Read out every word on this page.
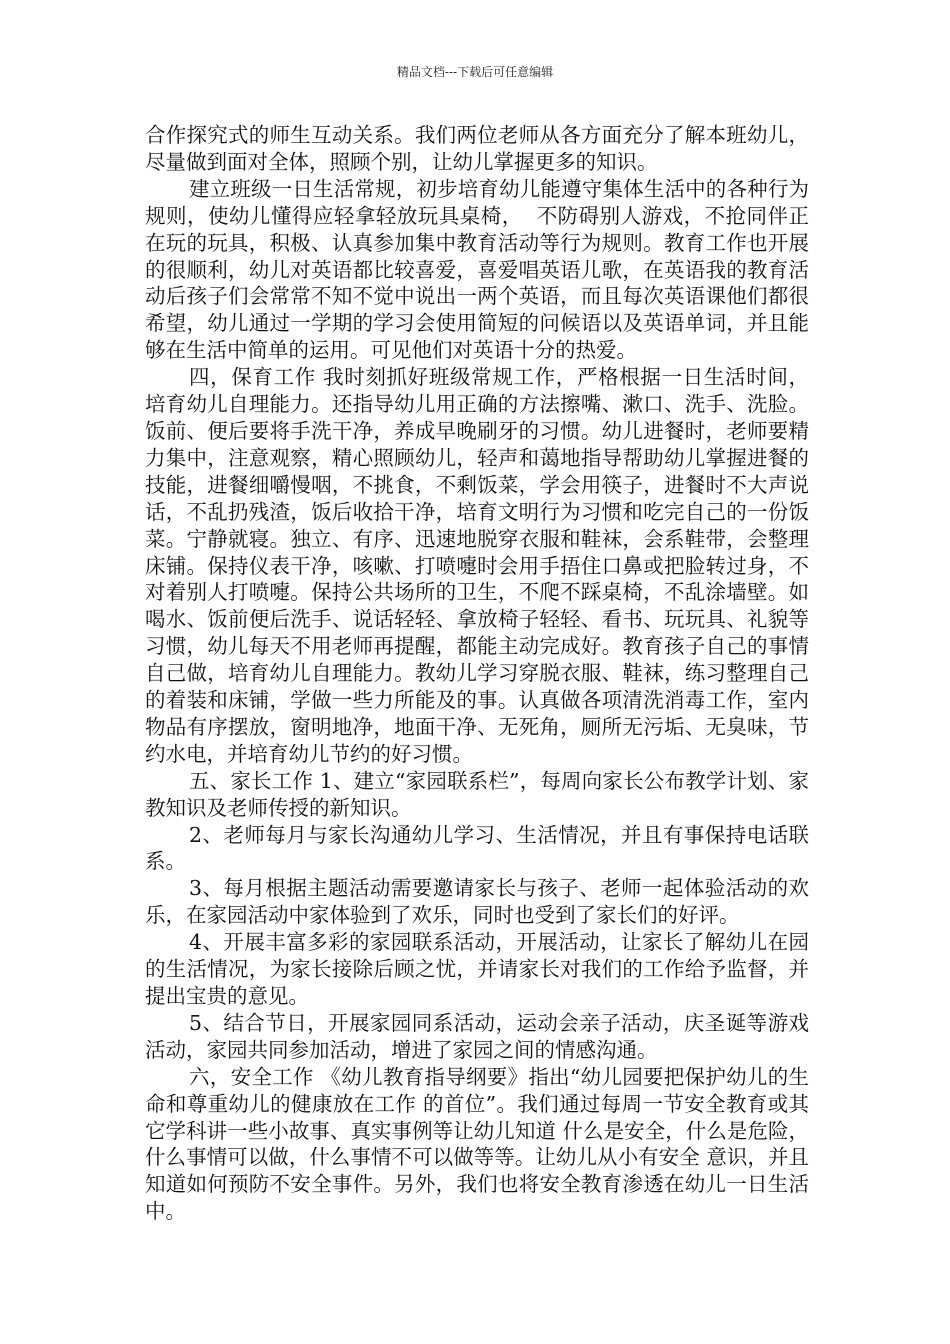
精品文档---下载后可任意编辑

合作探究式的师生互动关系。我们两位老师从各方面充分了解本班幼儿，尽量做到面对全体，照顾个别，让幼儿掌握更多的知识。

建立班级一日生活常规，初步培育幼儿能遵守集体生活中的各种行为规则，使幼儿懂得应轻拿轻放玩具桌椅，  不防碍别人游戏，不抢同伴正在玩的玩具，积极、认真参加集中教育活动等行为规则。教育工作也开展的很顺利，幼儿对英语都比较喜爱，喜爱唱英语儿歌，在英语我的教育活动后孩子们会常常不知不觉中说出一两个英语，而且每次英语课他们都很希望，幼儿通过一学期的学习会使用简短的问候语以及英语单词，并且能够在生活中简单的运用。可见他们对英语十分的热爱。

四，保育工作 我时刻抓好班级常规工作，严格根据一日生活时间，培育幼儿自理能力。还指导幼儿用正确的方法擦嘴、漱口、洗手、洗脸。饭前、便后要将手洗干净，养成早晚刷牙的习惯。幼儿进餐时，老师要精力集中，注意观察，精心照顾幼儿，轻声和蔼地指导帮助幼儿掌握进餐的技能，进餐细嚼慢咽，不挑食，不剩饭菜，学会用筷子，进餐时不大声说话，不乱扔残渣，饭后收拾干净，培育文明行为习惯和吃完自己的一份饭菜。宁静就寝。独立、有序、迅速地脱穿衣服和鞋袜，会系鞋带，会整理床铺。保持仪表干净，咳嗽、打喷嚏时会用手捂住口鼻或把脸转过身，不对着别人打喷嚏。保持公共场所的卫生，不爬不踩桌椅，不乱涂墙壁。如喝水、饭前便后洗手、说话轻轻、拿放椅子轻轻、看书、玩玩具、礼貌等习惯，幼儿每天不用老师再提醒，都能主动完成好。教育孩子自己的事情自己做，培育幼儿自理能力。教幼儿学习穿脱衣服、鞋袜，练习整理自己的着装和床铺，学做一些力所能及的事。认真做各项清洗消毒工作，室内物品有序摆放，窗明地净，地面干净、无死角，厕所无污垢、无臭味，节约水电，并培育幼儿节约的好习惯。

五、家长工作 1、建立“家园联系栏”，每周向家长公布教学计划、家教知识及老师传授的新知识。

2、老师每月与家长沟通幼儿学习、生活情况，并且有事保持电话联系。

3、每月根据主题活动需要邀请家长与孩子、老师一起体验活动的欢乐，在家园活动中家体验到了欢乐，同时也受到了家长们的好评。

4、开展丰富多彩的家园联系活动，开展活动，让家长了解幼儿在园的生活情况，为家长接除后顾之忧，并请家长对我们的工作给予监督，并提出宝贵的意见。

5、结合节日，开展家园同系活动，运动会亲子活动，庆圣诞等游戏活动，家园共同参加活动，增进了家园之间的情感沟通。

六，安全工作 《幼儿教育指导纲要》指出“幼儿园要把保护幼儿的生命和尊重幼儿的健康放在工作 的首位”。我们通过每周一节安全教育或其它学科讲一些小故事、真实事例等让幼儿知道 什么是安全，什么是危险，什么事情可以做，什么事情不可以做等等。让幼儿从小有安全 意识，并且知道如何预防不安全事件。另外，我们也将安全教育渗透在幼儿一日生活中。
